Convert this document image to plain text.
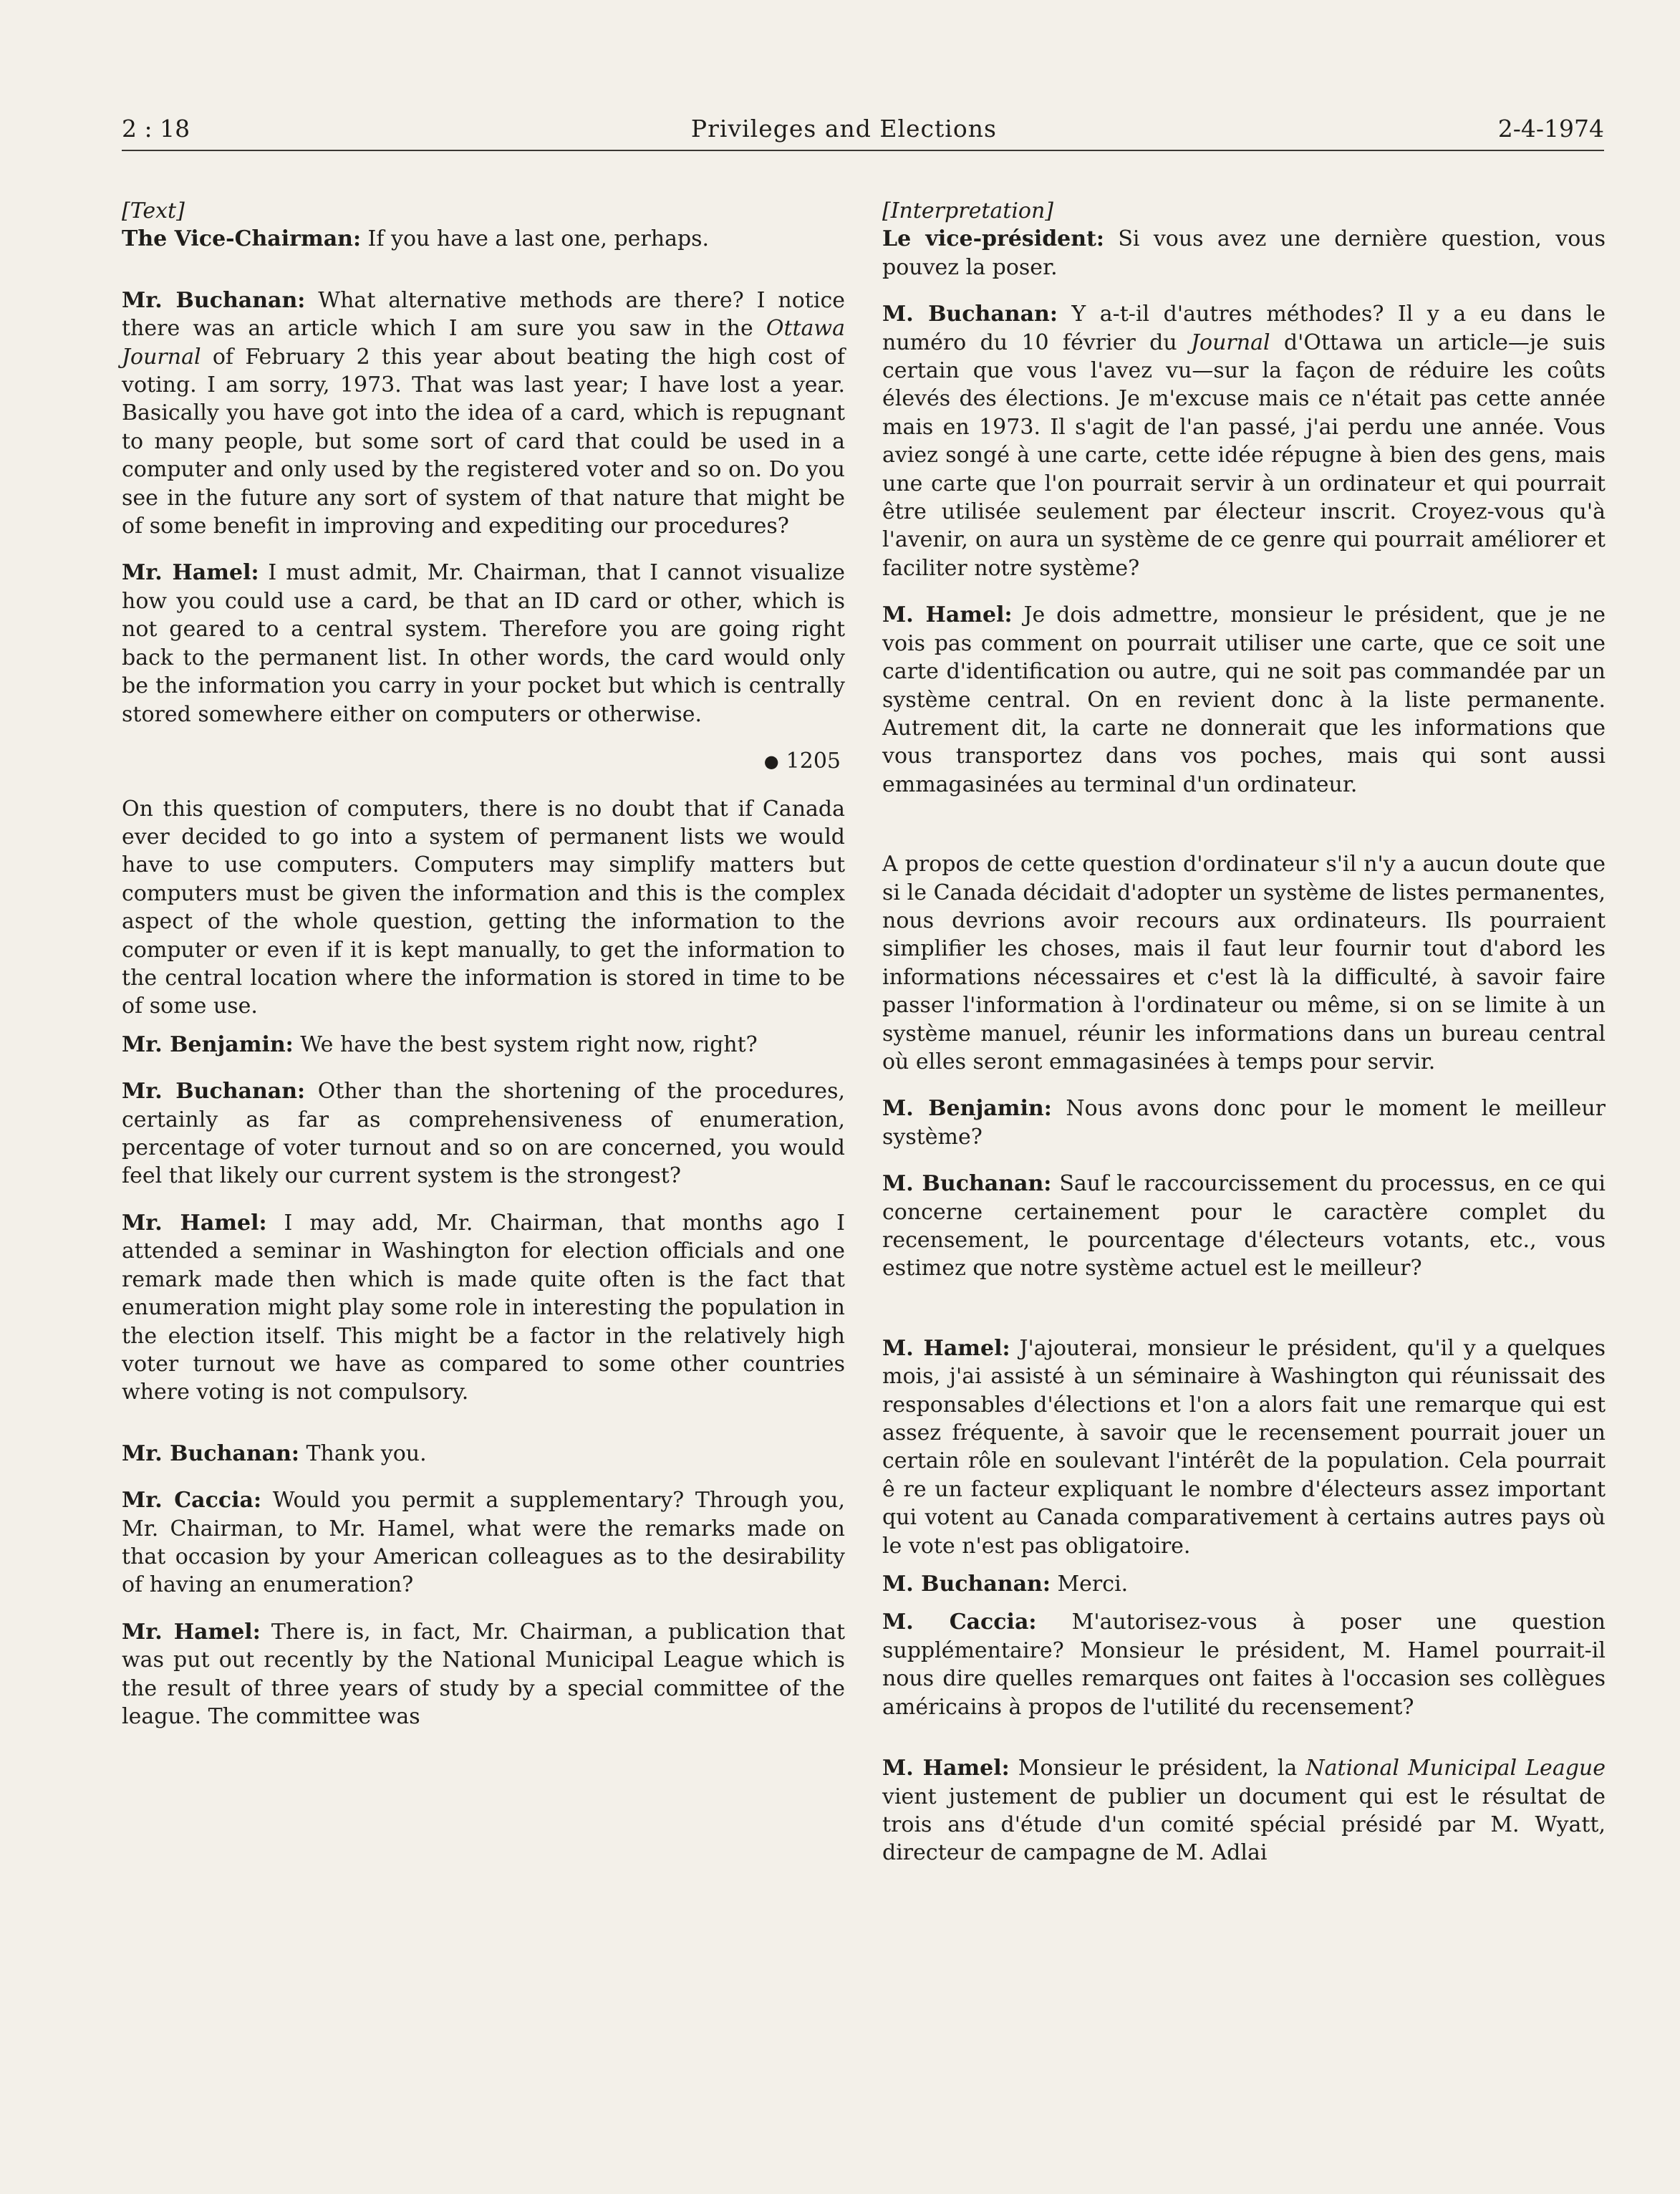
2 : 18	Privileges and Elections	2-4-1974

[Text]

The Vice-Chairman: If you have a last one, perhaps.

Mr. Buchanan: What alternative methods are there? I notice there was an article which I am sure you saw in the Ottawa Journal of February 2 this year about beating the high cost of voting. I am sorry, 1973. That was last year; I have lost a year. Basically you have got into the idea of a card, which is repugnant to many people, but some sort of card that could be used in a computer and only used by the registered voter and so on. Do you see in the future any sort of system of that nature that might be of some benefit in improving and expediting our procedures?

Mr. Hamel: I must admit, Mr. Chairman, that I cannot visualize how you could use a card, be that an ID card or other, which is not geared to a central system. Therefore you are going right back to the permanent list. In other words, the card would only be the information you carry in your pocket but which is centrally stored somewhere either on computers or otherwise.

● 1205

On this question of computers, there is no doubt that if Canada ever decided to go into a system of permanent lists we would have to use computers. Computers may simplify matters but computers must be given the information and this is the complex aspect of the whole question, getting the information to the computer or even if it is kept manually, to get the information to the central location where the information is stored in time to be of some use.

Mr. Benjamin: We have the best system right now, right?

Mr. Buchanan: Other than the shortening of the procedures, certainly as far as comprehensiveness of enumeration, percentage of voter turnout and so on are concerned, you would feel that likely our current system is the strongest?

Mr. Hamel: I may add, Mr. Chairman, that months ago I attended a seminar in Washington for election officials and one remark made then which is made quite often is the fact that enumeration might play some role in interesting the population in the election itself. This might be a factor in the relatively high voter turnout we have as compared to some other countries where voting is not compulsory.

Mr. Buchanan: Thank you.

Mr. Caccia: Would you permit a supplementary? Through you, Mr. Chairman, to Mr. Hamel, what were the remarks made on that occasion by your American colleagues as to the desirability of having an enumeration?

Mr. Hamel: There is, in fact, Mr. Chairman, a publication that was put out recently by the National Municipal League which is the result of three years of study by a special committee of the league. The committee was

[Interpretation]

Le vice-président: Si vous avez une dernière question, vous pouvez la poser.

M. Buchanan: Y a-t-il d'autres méthodes? Il y a eu dans le numéro du 10 février du Journal d'Ottawa un article—je suis certain que vous l'avez vu—sur la façon de réduire les coûts élevés des élections. Je m'excuse mais ce n'était pas cette année mais en 1973. Il s'agit de l'an passé, j'ai perdu une année. Vous aviez songé à une carte, cette idée répugne à bien des gens, mais une carte que l'on pourrait servir à un ordinateur et qui pourrait être utilisée seulement par électeur inscrit. Croyez-vous qu'à l'avenir, on aura un système de ce genre qui pourrait améliorer et faciliter notre système?

M. Hamel: Je dois admettre, monsieur le président, que je ne vois pas comment on pourrait utiliser une carte, que ce soit une carte d'identification ou autre, qui ne soit pas commandée par un système central. On en revient donc à la liste permanente. Autrement dit, la carte ne donnerait que les informations que vous transportez dans vos poches, mais qui sont aussi emmagasinées au terminal d'un ordinateur.

A propos de cette question d'ordinateur s'il n'y a aucun doute que si le Canada décidait d'adopter un système de listes permanentes, nous devrions avoir recours aux ordinateurs. Ils pourraient simplifier les choses, mais il faut leur fournir tout d'abord les informations nécessaires et c'est là la difficulté, à savoir faire passer l'information à l'ordinateur ou même, si on se limite à un système manuel, réunir les informations dans un bureau central où elles seront emmagasinées à temps pour servir.

M. Benjamin: Nous avons donc pour le moment le meilleur système?

M. Buchanan: Sauf le raccourcissement du processus, en ce qui concerne certainement pour le caractère complet du recensement, le pourcentage d'électeurs votants, etc., vous estimez que notre système actuel est le meilleur?

M. Hamel: J'ajouterai, monsieur le président, qu'il y a quelques mois, j'ai assisté à un séminaire à Washington qui réunissait des responsables d'élections et l'on a alors fait une remarque qui est assez fréquente, à savoir que le recensement pourrait jouer un certain rôle en soulevant l'intérêt de la population. Cela pourrait ê re un facteur expliquant le nombre d'électeurs assez important qui votent au Canada comparativement à certains autres pays où le vote n'est pas obligatoire.

M. Buchanan: Merci.

M. Caccia: M'autorisez-vous à poser une question supplémentaire? Monsieur le président, M. Hamel pourrait-il nous dire quelles remarques ont faites à l'occasion ses collègues américains à propos de l'utilité du recensement?

M. Hamel: Monsieur le président, la National Municipal League vient justement de publier un document qui est le résultat de trois ans d'étude d'un comité spécial présidé par M. Wyatt, directeur de campagne de M. Adlai
